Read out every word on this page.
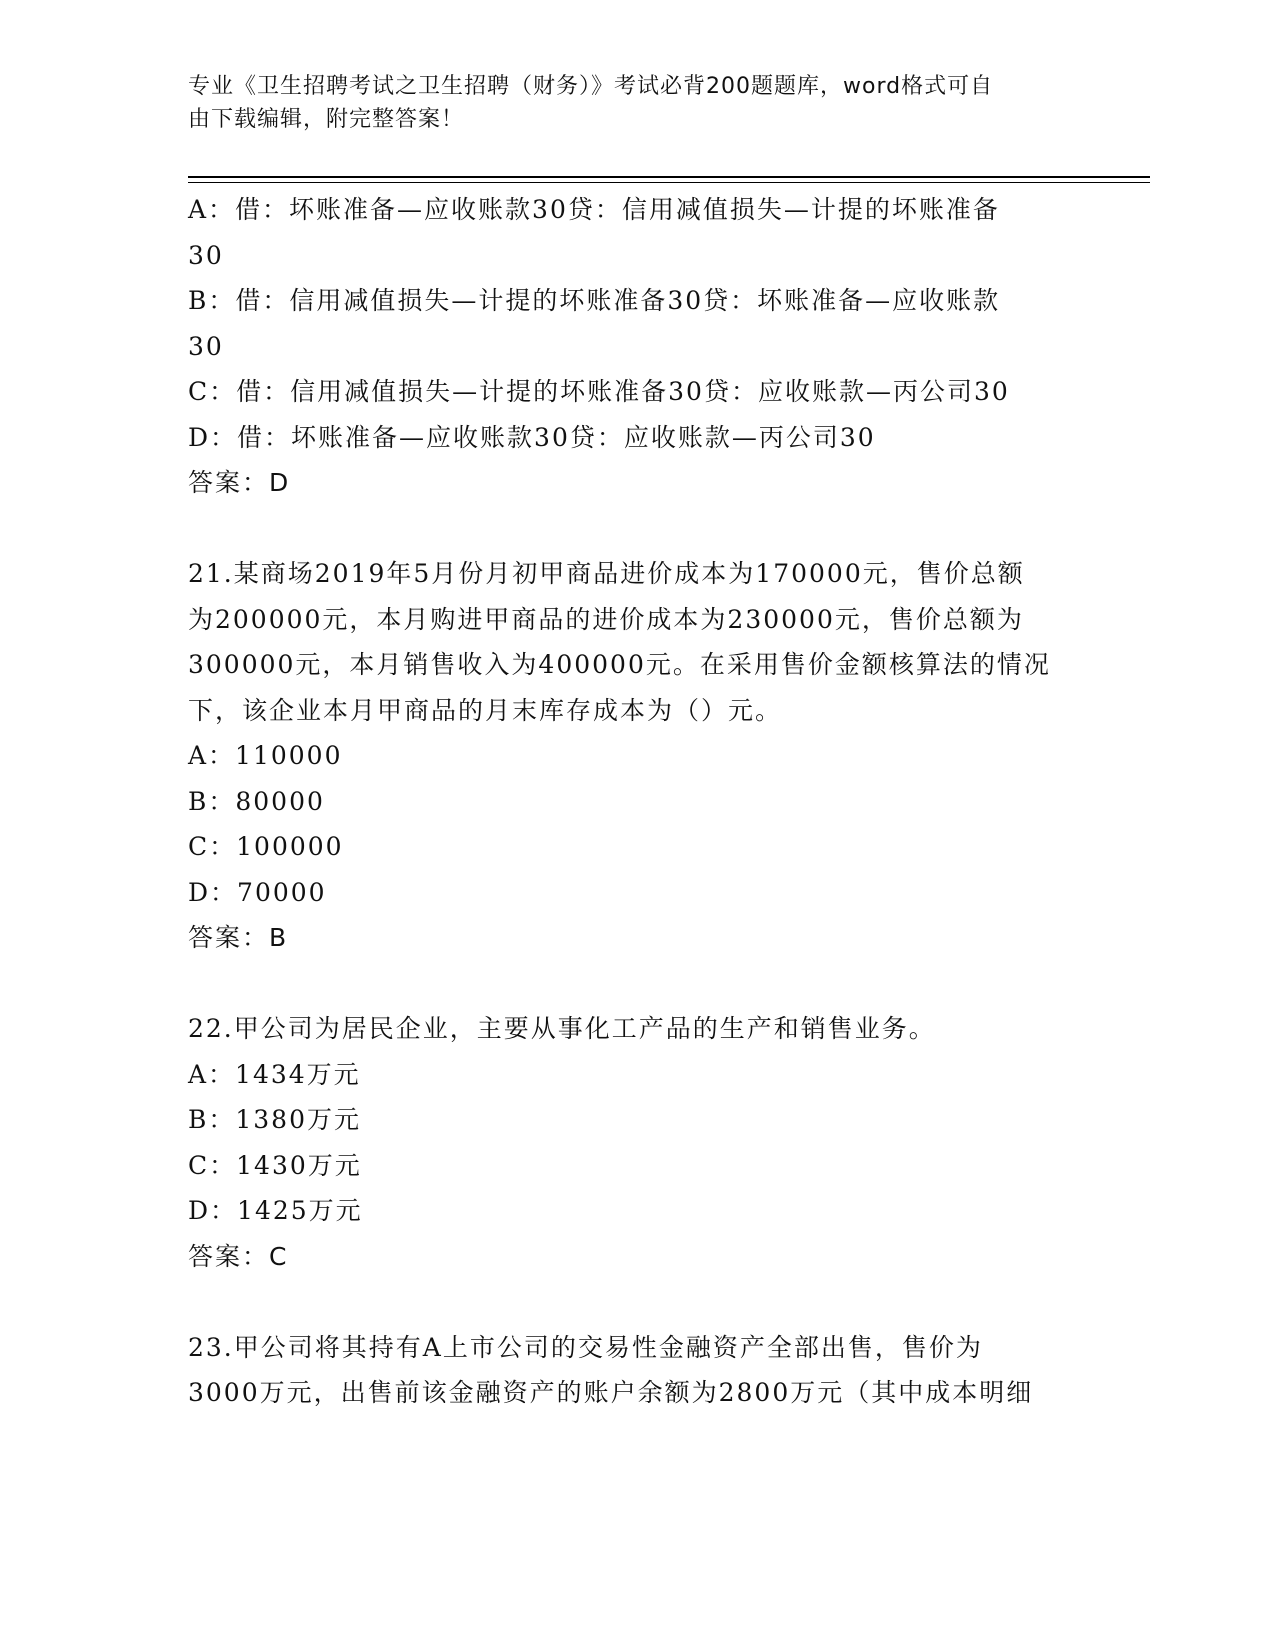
专业《卫生招聘考试之卫生招聘（财务）》考试必背200题题库，word格式可自
由下载编辑，附完整答案！

A：借：坏账准备—应收账款30贷：信用减值损失—计提的坏账准备

30

B：借：信用减值损失—计提的坏账准备30贷：坏账准备—应收账款

30

C：借：信用减值损失—计提的坏账准备30贷：应收账款—丙公司30

D：借：坏账准备—应收账款30贷：应收账款—丙公司30

答案：D

21.某商场2019年5月份月初甲商品进价成本为170000元，售价总额

为200000元，本月购进甲商品的进价成本为230000元，售价总额为

300000元，本月销售收入为400000元。在采用售价金额核算法的情况

下，该企业本月甲商品的月末库存成本为（）元。

A：110000

B：80000

C：100000

D：70000

答案：B

22.甲公司为居民企业，主要从事化工产品的生产和销售业务。

A：1434万元

B：1380万元

C：1430万元

D：1425万元

答案：C

23.甲公司将其持有A上市公司的交易性金融资产全部出售，售价为

3000万元，出售前该金融资产的账户余额为2800万元（其中成本明细
